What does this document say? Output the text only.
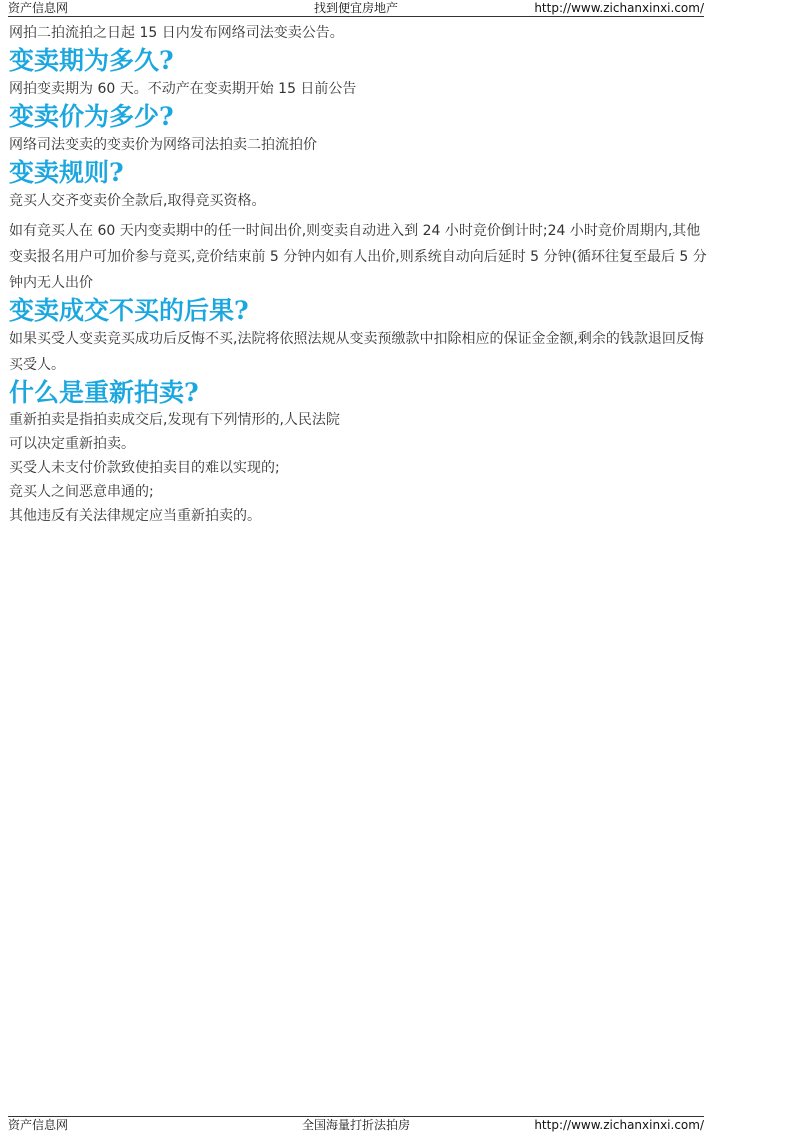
资产信息网	找到便宜房地产	http://www.zichanxinxi.com/

网拍二拍流拍之日起 15 日内发布网络司法变卖公告。

变卖期为多久?

网拍变卖期为 60 天。不动产在变卖期开始 15 日前公告

变卖价为多少?

网络司法变卖的变卖价为网络司法拍卖二拍流拍价

变卖规则?

竞买人交齐变卖价全款后,取得竞买资格。

如有竞买人在 60 天内变卖期中的任一时间出价,则变卖自动进入到 24 小时竞价倒计时;24 小时竞价周期内,其他变卖报名用户可加价参与竞买,竞价结束前 5 分钟内如有人出价,则系统自动向后延时 5 分钟(循环往复至最后 5 分钟内无人出价

变卖成交不买的后果?

如果买受人变卖竞买成功后反悔不买,法院将依照法规从变卖预缴款中扣除相应的保证金金额,剩余的钱款退回反悔买受人。

什么是重新拍卖?

重新拍卖是指拍卖成交后,发现有下列情形的,人民法院

可以决定重新拍卖。

买受人未支付价款致使拍卖目的难以实现的;

竞买人之间恶意串通的;

其他违反有关法律规定应当重新拍卖的。

资产信息网	全国海量打折法拍房	http://www.zichanxinxi.com/
